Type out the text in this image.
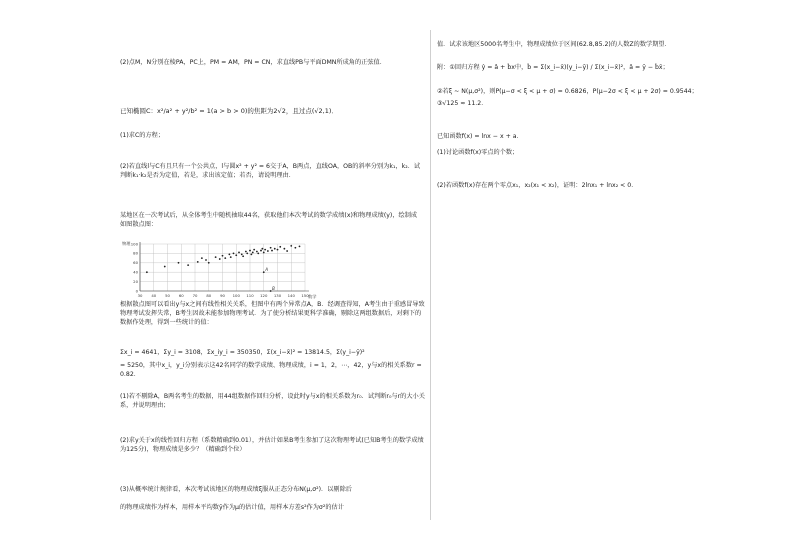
(2)点M，N分别在棱PA，PC上，PM = AM，PN = CN，求直线PB与平面DMN所成角的正弦值．
已知椭圆C：x²/a² + y²/b² = 1(a > b > 0)的焦距为2√2，且过点(√2,1)．
(1)求C的方程；
(2)若直线l与C有且只有一个公共点，l与圆x² + y² = 6交于A，B两点，直线OA，OB的斜率分别为k₁，k₂．试判断k₁·k₂是否为定值，若是，求出该定值；若否，请说明理由．
某地区在一次考试后，从全体考生中随机抽取44名，获取他们本次考试的数学成绩(x)和物理成绩(y)，绘制成如图散点图：
30 40 50 60 70 80 90 100 110 120 130 140 150
0
20
40
60
80
100
A
B
物理
数学
根据散点图可以看出y与x之间有线性相关关系，但图中有两个异常点A，B．经调查得知，A考生由于重感冒导致物理考试发挥失常，B考生因故未能参加物理考试．为了使分析结果更科学准确，剔除这两组数据后，对剩下的数据作处理，得到一些统计的值：
Σx_i = 4641，Σy_i = 3108，Σx_iy_i = 350350，Σ(x_i−x̄)² = 13814.5，Σ(y_i−ȳ)²
= 5250，其中x_i，y_i分别表示这42名同学的数学成绩、物理成绩，i = 1，2，⋯，42，y与x的相关系数r = 0.82．
(1)若不剔除A，B两名考生的数据，用44组数据作回归分析，设此时y与x的相关系数为r₀．试判断r₀与r的大小关系，并说明理由；
(2)求y关于x的线性回归方程（系数精确到0.01），并估计如果B考生参加了这次物理考试(已知B考生的数学成绩为125分)，物理成绩是多少？（精确到个位）
(3)从概率统计规律看，本次考试该地区的物理成绩ξ服从正态分布N(μ,σ²)．以剔除后
的物理成绩作为样本，用样本平均数ȳ作为μ的估计值，用样本方差s²作为σ²的估计
值．试求该地区5000名考生中，物理成绩位于区间(62.8,85.2)的人数Z的数学期望．
附：①回归方程 ŷ = â + b̂x中，b̂ = Σ(x_i−x̄)(y_i−ȳ) / Σ(x_i−x̄)²，â = ȳ − b̂x̄；
②若ξ ~ N(μ,σ²)，则P(μ−σ < ξ < μ + σ) = 0.6826，P(μ−2σ < ξ < μ + 2σ) = 0.9544；
③√125 ≈ 11.2．
已知函数f(x) = lnx − x + a．
(1)讨论函数f(x)零点的个数；
(2)若函数f(x)存在两个零点x₁，x₂(x₁ < x₂)，证明：2lnx₁ + lnx₂ < 0．
